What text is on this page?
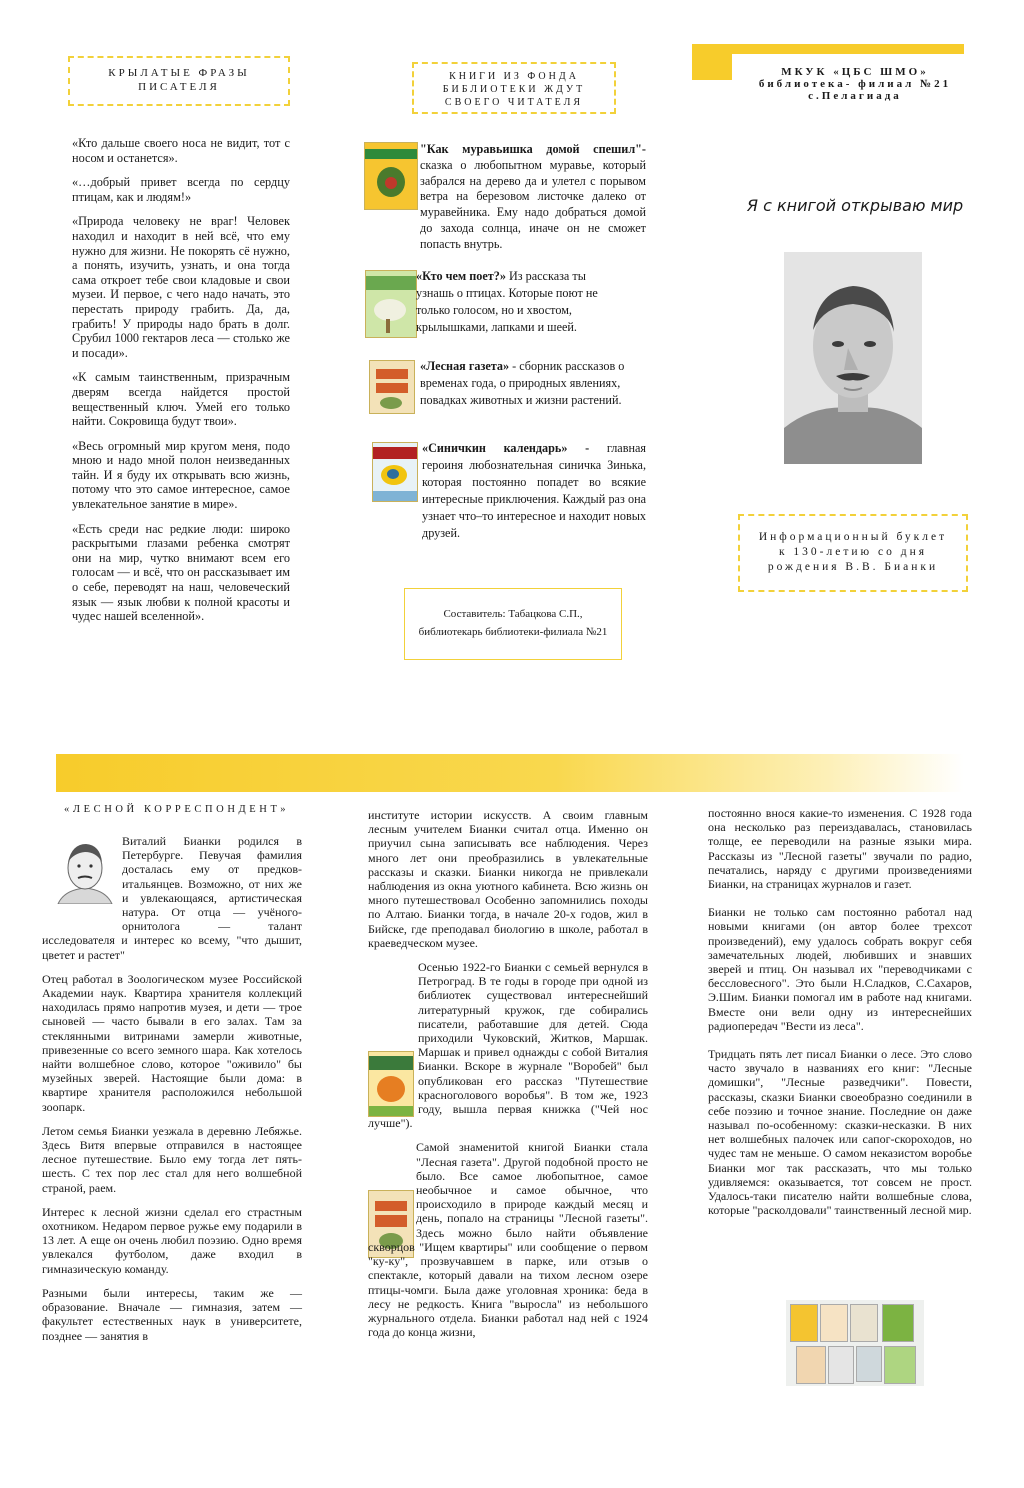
КРЫЛАТЫЕ ФРАЗЫ ПИСАТЕЛЯ

«Кто дальше своего носа не видит, тот с носом и останется».

«…добрый привет всегда по сердцу птицам, как и людям!»

«Природа человеку не враг! Человек находил и находит в ней всё, что ему нужно для жизни. Не покорять сё нужно, а понять, изучить, узнать, и она тогда сама откроет тебе свои кладовые и свои музеи. И первое, с чего надо начать, это перестать природу грабить. Да, да, грабить! У природы надо брать в долг. Срубил 1000 гектаров леса — столько же и посади».

«К самым таинственным, призрачным дверям всегда найдется простой вещественный ключ. Умей его только найти. Сокровища будут твои».

«Весь огромный мир кругом меня, подо мною и надо мной полон неизведанных тайн. И я буду их открывать всю жизнь, потому что это самое интересное, самое увлекательное занятие в мире».

«Есть среди нас редкие люди: широко раскрытыми глазами ребенка смотрят они на мир, чутко внимают всем его голосам — и всё, что он рассказывает им о себе, переводят на наш, человеческий язык — язык любви к полной красоты и чудес нашей вселенной».

КНИГИ ИЗ ФОНДА БИБЛИОТЕКИ ЖДУТ СВОЕГО ЧИТАТЕЛЯ
"Как муравьишка домой спешил"- сказка о любопытном муравье, который забрался на дерево да и улетел с порывом ветра на березовом листочке далеко от муравейника. Ему надо добраться домой до захода солнца, иначе он не сможет попасть внутрь.
«Кто чем поет?» Из рассказа ты узнашь о птицах. Которые поют не только голосом, но и хвостом, крылышками, лапками и шеей.
«Лесная газета» - сборник рассказов о временах года, о природных явлениях, повадках животных и жизни растений.
«Синичкин календарь» - главная героиня любознательная синичка Зинька, которая постоянно попадет во всякие интересные приключения. Каждый раз она узнает что–то интересное и находит новых друзей.
Составитель: Табацкова С.П.,
библиотекарь библиотеки-филиала №21
МКУК «ЦБС ШМО»
библиотека- филиал №21
с.Пелагиада
Я с книгой открываю мир
Информационный буклет
к 130-летию со дня
рождения В.В. Бианки
«ЛЕСНОЙ КОРРЕСПОНДЕНТ»

Виталий Бианки родился в Петербурге. Певучая фамилия досталась ему от предков-итальянцев. Возможно, от них же и увлекающаяся, артистическая натура. От отца — учёного-орнитолога — талант исследователя и интерес ко всему, "что дышит, цветет и растет"

Отец работал в Зоологическом музее Российской Академии наук. Квартира хранителя коллекций находилась прямо напротив музея, и дети — трое сыновей — часто бывали в его залах. Там за стеклянными витринами замерли животные, привезенные со всего земного шара. Как хотелось найти волшебное слово, которое "оживило" бы музейных зверей. Настоящие были дома: в квартире хранителя расположился небольшой зоопарк.

Летом семья Бианки уезжала в деревню Лебяжье. Здесь Витя впервые отправился в настоящее лесное путешествие. Было ему тогда лет пять-шесть. С тех пор лес стал для него волшебной страной, раем.

Интерес к лесной жизни сделал его страстным охотником. Недаром первое ружье ему подарили в 13 лет. А еще он очень любил поэзию. Одно время увлекался футболом, даже входил в гимназическую команду.

Разными были интересы, таким же — образование. Вначале — гимназия, затем — факультет естественных наук в университете, позднее — занятия в

институте истории искусств. А своим главным лесным учителем Бианки считал отца. Именно он приучил сына записывать все наблюдения. Через много лет они преобразились в увлекательные рассказы и сказки. Бианки никогда не привлекали наблюдения из окна уютного кабинета. Всю жизнь он много путешествовал Особенно запомнились походы по Алтаю. Бианки тогда, в начале 20-х годов, жил в Бийске, где преподавал биологию в школе, работал в краеведческом музее.

Осенью 1922-го Бианки с семьей вернулся в Петроград. В те годы в городе при одной из библиотек существовал интереснейший литературный кружок, где собирались писатели, работавшие для детей. Сюда приходили Чуковский, Житков, Маршак. Маршак и привел однажды с собой Виталия Бианки. Вскоре в журнале "Воробей" был опубликован его рассказ "Путешествие красноголового воробья". В том же, 1923 году, вышла первая книжка ("Чей нос лучше").

Самой знаменитой книгой Бианки стала "Лесная газета". Другой подобной просто не было. Все самое любопытное, самое необычное и самое обычное, что происходило в природе каждый месяц и день, попало на страницы "Лесной газеты". Здесь можно было найти объявление скворцов "Ищем квартиры" или сообщение о первом "ку-ку", прозвучавшем в парке, или отзыв о спектакле, который давали на тихом лесном озере птицы-чомги. Была даже уголовная хроника: беда в лесу не редкость. Книга "выросла" из небольшого журнального отдела. Бианки работал над ней с 1924 года до конца жизни,

постоянно внося какие-то изменения. С 1928 года она несколько раз переиздавалась, становилась толще, ее переводили на разные языки мира. Рассказы из "Лесной газеты" звучали по радио, печатались, наряду с другими произведениями Бианки, на страницах журналов и газет.

Бианки не только сам постоянно работал над новыми книгами (он автор более трехсот произведений), ему удалось собрать вокруг себя замечательных людей, любивших и знавших зверей и птиц. Он называл их "переводчиками с бессловесного". Это были Н.Сладков, С.Сахаров, Э.Шим. Бианки помогал им в работе над книгами. Вместе они вели одну из интереснейших радиопередач "Вести из леса".

Тридцать пять лет писал Бианки о лесе. Это слово часто звучало в названиях его книг: "Лесные домишки", "Лесные разведчики". Повести, рассказы, сказки Бианки своеобразно соединили в себе поэзию и точное знание. Последние он даже называл по-особенному: сказки-несказки. В них нет волшебных палочек или сапог-скороходов, но чудес там не меньше. О самом неказистом воробье Бианки мог так рассказать, что мы только удивляемся: оказывается, тот совсем не прост. Удалось-таки писателю найти волшебные слова, которые "расколдовали" таинственный лесной мир.
